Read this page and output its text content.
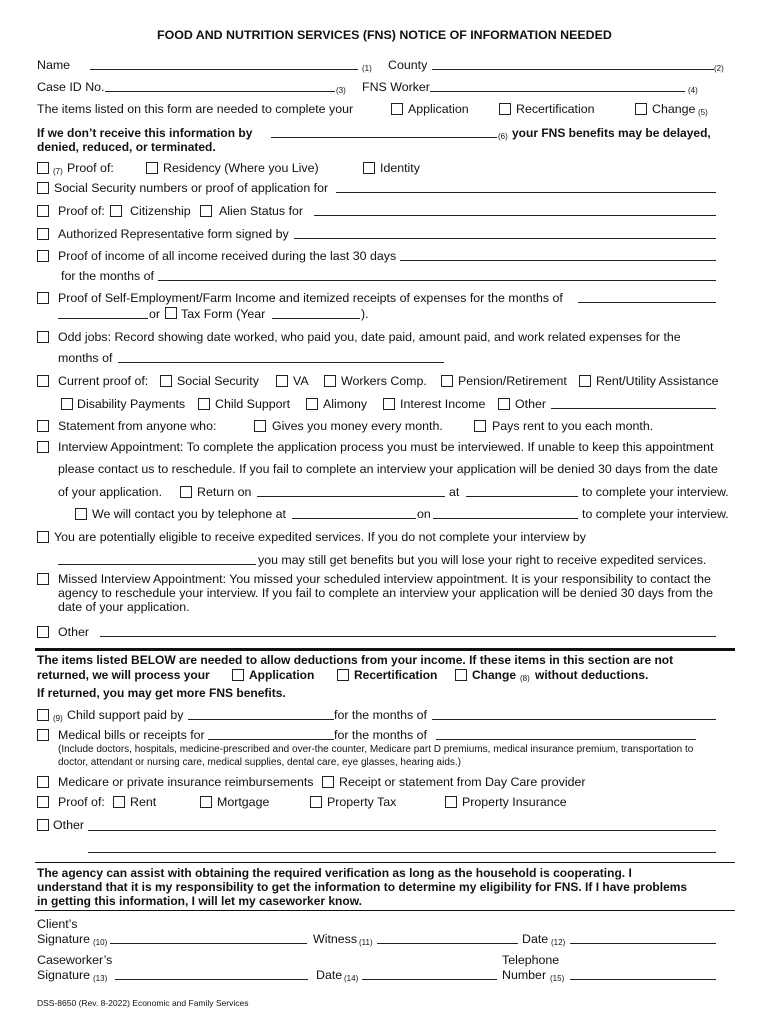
FOOD AND NUTRITION SERVICES (FNS) NOTICE OF INFORMATION NEEDED
Name	(1) County	(2)
Case ID No.	(3) FNS Worker	(4)
The items listed on this form are needed to complete your	Application	Recertification	Change (5)
If we don’t receive this information by	(6) your FNS benefits may be delayed,
denied, reduced, or terminated.
(7) Proof of:	Residency (Where you Live)	Identity
Social Security numbers or proof of application for
Proof of: Citizenship Alien Status for
Authorized Representative form signed by
Proof of income of all income received during the last 30 days
for the months of
Proof of Self-Employment/Farm Income and itemized receipts of expenses for the months of
or Tax Form (Year	).
Odd jobs: Record showing date worked, who paid you, date paid, amount paid, and work related expenses for the
months of
Current proof of: Social Security	VA	Workers Comp.	Pension/Retirement Rent/Utility Assistance
Disability Payments Child Support	Alimony	Interest Income Other
Statement from anyone who:	Gives you money every month.	Pays rent to you each month.
Interview Appointment: To complete the application process you must be interviewed. If unable to keep this appointment
please contact us to reschedule. If you fail to complete an interview your application will be denied 30 days from the date
of your application.	Return on	at	to complete your interview.
We will contact you by telephone at	on	to complete your interview.
You are potentially eligible to receive expedited services. If you do not complete your interview by
you may still get benefits but you will lose your right to receive expedited services.
Missed Interview Appointment: You missed your scheduled interview appointment. It is your responsibility to contact the agency to reschedule your interview. If you fail to complete an interview your application will be denied 30 days from the date of your application.
Other
The items listed BELOW are needed to allow deductions from your income. If these items in this section are not
returned, we will process your	Application	Recertification	Change (8) without deductions.
If returned, you may get more FNS benefits.
(9) Child support paid by	for the months of
Medical bills or receipts for	for the months of
(Include doctors, hospitals, medicine-prescribed and over-the counter, Medicare part D premiums, medical insurance premium, transportation to doctor, attendant or nursing care, medical supplies, dental care, eye glasses, hearing aids.)
Medicare or private insurance reimbursements Receipt or statement from Day Care provider
Proof of: Rent	Mortgage	Property Tax	Property Insurance
Other
The agency can assist with obtaining the required verification as long as the household is cooperating. I
understand that it is my responsibility to get the information to determine my eligibility for FNS. If I have problems
in getting this information, I will let my caseworker know.
Client’s
Signature (10)	Witness (11)	Date (12)
Caseworker’s
Signature (13)	Date (14)
Telephone
Number (15)
DSS-8650 (Rev. 8-2022) Economic and Family Services
